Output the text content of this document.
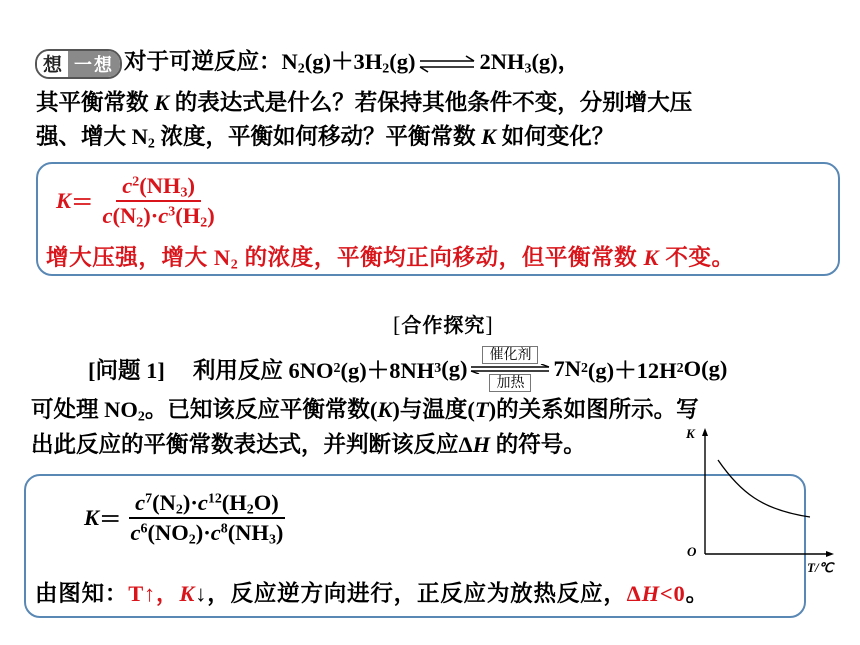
想 一想 对于可逆反应：$N_2(g)+3H_2(g)\rightleftharpoons 2NH_3(g)$，
其平衡常数 K 的表达式是什么？若保持其他条件不变，分别增大压
强、增大 $N_2$ 浓度，平衡如何移动？平衡常数 K 如何变化？
$K = \frac{c^2(NH_3)}{c(N_2)\cdot c^3(H_2)}$
增大压强，增大 $N_2$ 的浓度，平衡均正向移动，但平衡常数 K 不变。
[合作探究]
[问题 1] 利用反应 6NO 2 (g)＋8NH 3 (g)
催化剂
加热
7N 2 (g)＋12H 2 O(g)
可处理 $NO_2$。已知该反应平衡常数(K)与温度(T)的关系如图所示。写
出此反应的平衡常数表达式，并判断该反应ΔH 的符号。
$K = \frac{c^7(N_2)\cdot c^{12}(H_2O)}{c^6(NO_2)\cdot c^8(NH_3)}$
由图知：T↑，K↓，反应逆方向进行，正反应为放热反应，ΔH<0。
K
O
T/℃
